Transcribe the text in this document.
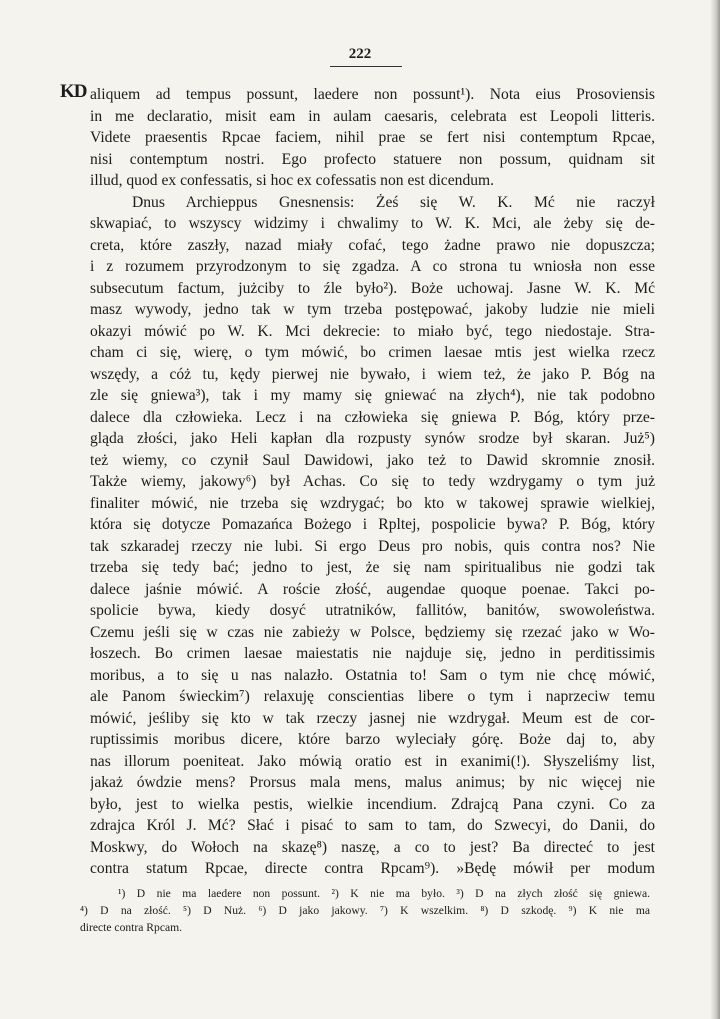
222
KD aliquem ad tempus possunt, laedere non possunt¹). Nota eius Prosoviensis
in me declaratio, misit eam in aulam caesaris, celebrata est Leopoli litteris.
Videte praesentis Rpcae faciem, nihil prae se fert nisi contemptum Rpcae,
nisi contemptum nostri. Ego profecto statuere non possum, quidnam sit
illud, quod ex confessatis, si hoc ex cofessatis non est dicendum.
Dnus Archieppus Gnesnensis: Żeś się W. K. Mć nie raczył
skwapiać, to wszyscy widzimy i chwalimy to W. K. Mci, ale żeby się de-
creta, które zaszły, nazad miały cofać, tego żadne prawo nie dopuszcza;
i z rozumem przyrodzonym to się zgadza. A co strona tu wniosła non esse
subsecutum factum, jużciby to źle było²). Boże uchowaj. Jasne W. K. Mć
masz wywody, jedno tak w tym trzeba postępować, jakoby ludzie nie mieli
okazyi mówić po W. K. Mci dekrecie: to miało być, tego niedostaje. Stra-
cham ci się, wierę, o tym mówić, bo crimen laesae mtis jest wielka rzecz
wszędy, a cóż tu, kędy pierwej nie bywało, i wiem też, że jako P. Bóg na
zle się gniewa³), tak i my mamy się gniewać na złych⁴), nie tak podobno
dalece dla człowieka. Lecz i na człowieka się gniewa P. Bóg, który prze-
gląda złości, jako Heli kapłan dla rozpusty synów srodze był skaran. Już⁵)
też wiemy, co czynił Saul Dawidowi, jako też to Dawid skromnie znosił.
Także wiemy, jakowy⁶) był Achas. Co się to tedy wzdrygamy o tym już
finaliter mówić, nie trzeba się wzdrygać; bo kto w takowej sprawie wielkiej,
która się dotycze Pomazańca Bożego i Rpltej, pospolicie bywa? P. Bóg, który
tak szkaradej rzeczy nie lubi. Si ergo Deus pro nobis, quis contra nos? Nie
trzeba się tedy bać; jedno to jest, że się nam spiritualibus nie godzi tak
dalece jaśnie mówić. A roście złość, augendae quoque poenae. Takci po-
spolicie bywa, kiedy dosyć utratników, fallitów, banitów, swowoleństwa.
Czemu jeśli się w czas nie zabieży w Polsce, będziemy się rzezać jako w Wo-
łoszech. Bo crimen laesae maiestatis nie najduje się, jedno in perditissimis
moribus, a to się u nas nalazło. Ostatnia to! Sam o tym nie chcę mówić,
ale Panom świeckim⁷) relaxuję conscientias libere o tym i naprzeciw temu
mówić, jeśliby się kto w tak rzeczy jasnej nie wzdrygał. Meum est de cor-
ruptissimis moribus dicere, które barzo wyleciały górę. Boże daj to, aby
nas illorum poeniteat. Jako mówią oratio est in exanimi(!). Słyszeliśmy list,
jakaż ówdzie mens? Prorsus mala mens, malus animus; by nic więcej nie
było, jest to wielka pestis, wielkie incendium. Zdrajcą Pana czyni. Co za
zdrajca Król J. Mć? Słać i pisać to sam to tam, do Szwecyi, do Danii, do
Moskwy, do Wołoch na skazę⁸) naszę, a co to jest? Ba directeć to jest
contra statum Rpcae, directe contra Rpcam⁹). »Będę mówił per modum
¹) D nie ma laedere non possunt. ²) K nie ma było. ³) D na złych złość się gniewa.
⁴) D na złość. ⁵) D Nuż. ⁶) D jako jakowy. ⁷) K wszelkim. ⁸) D szkodę. ⁹) K nie ma
directe contra Rpcam.
